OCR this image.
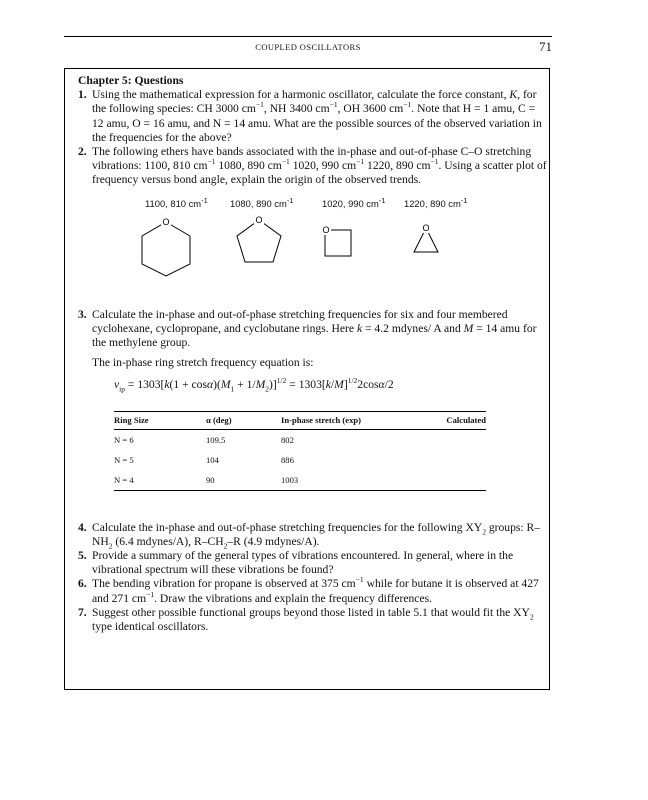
COUPLED OSCILLATORS	71
Chapter 5: Questions
1. Using the mathematical expression for a harmonic oscillator, calculate the force constant, K, for the following species: CH 3000 $cm^{-1}$, NH 3400 $cm^{-1}$, OH 3600 $cm^{-1}$. Note that H = 1 amu, C = 12 amu, O = 16 amu, and N = 14 amu. What are the possible sources of the observed variation in the frequencies for the above?
2. The following ethers have bands associated with the in-phase and out-of-phase C–O stretching vibrations: 1100, 810 $cm^{-1}$ 1080, 890 $cm^{-1}$ 1020, 990 $cm^{-1}$ 1220, 890 $cm^{-1}$. Using a scatter plot of frequency versus bond angle, explain the origin of the observed trends.
1100, 810 $cm^{-1}$ 1080, 890 $cm^{-1}$	1020, 990 $cm^{-1}$ 1220, 890 $cm^{-1}$
O	O
O	O
3. Calculate the in-phase and out-of-phase stretching frequencies for six and four membered cyclohexane, cyclopropane, and cyclobutane rings. Here k = 4.2 mdynes/ A and M = 14 amu for the methylene group.
The in-phase ring stretch frequency equation is:
$\nu_{ip} = 1303[k(1 + \cos\alpha)(M_1 + 1/M_2)]^{1/2} = 1303[k/M]^{1/2}2\cos\alpha/2$
Ring Size	α (deg)	In-phase stretch (exp)	Calculated
N = 6	109.5	802	
N = 5	104	886	
N = 4	90	1003	
4. Calculate the in-phase and out-of-phase stretching frequencies for the following $XY_2$ groups: $R-NH_2$ (6.4 mdynes/A), $R-CH_2-R$ (4.9 mdynes/A).
5. Provide a summary of the general types of vibrations encountered. In general, where in the vibrational spectrum will these vibrations be found?
6. The bending vibration for propane is observed at 375 $cm^{-1}$ while for butane it is observed at 427 and 271 $cm^{-1}$. Draw the vibrations and explain the frequency differences.
7. Suggest other possible functional groups beyond those listed in table 5.1 that would fit the $XY_2$ type identical oscillators.
